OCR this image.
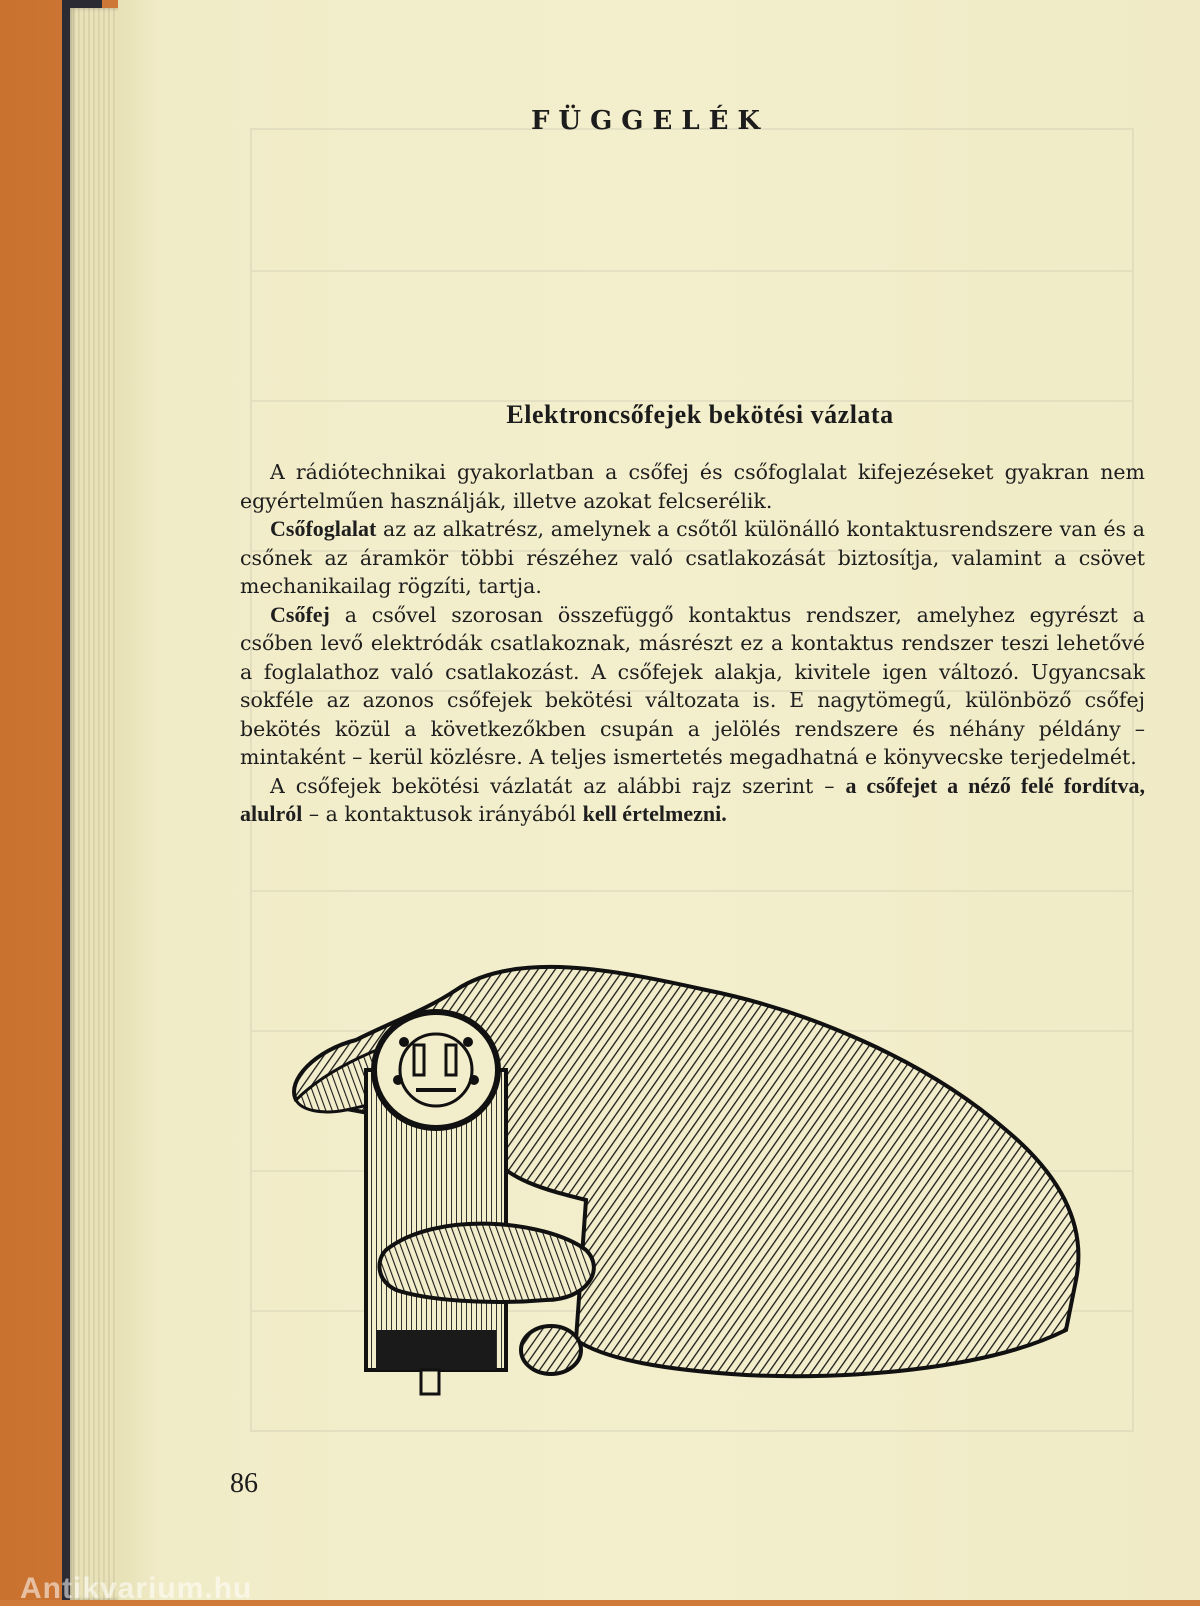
FÜGGELÉK
Elektroncsőfejek bekötési vázlata

A rádiótechnikai gyakorlatban a csőfej és csőfoglalat kifejezéseket gyakran nem egyértelműen használják, illetve azokat felcserélik.

Csőfoglalat az az alkatrész, amelynek a csőtől különálló kontaktusrendszere van és a csőnek az áramkör többi részéhez való csatlakozását biztosítja, valamint a csövet mechanikailag rögzíti, tartja.

Csőfej a csővel szorosan összefüggő kontaktus rendszer, amelyhez egyrészt a csőben levő elektródák csatlakoznak, másrészt ez a kontaktus rendszer teszi lehetővé a foglalathoz való csatlakozást. A csőfejek alakja, kivitele igen változó. Ugyancsak sokféle az azonos csőfejek bekötési változata is. E nagytömegű, különböző csőfej bekötés közül a következőkben csupán a jelölés rendszere és néhány példány – mintaként – kerül közlésre. A teljes ismertetés megadhatná e könyvecske terjedelmét.

A csőfejek bekötési vázlatát az alábbi rajz szerint – a csőfejet a néző felé fordítva, alulról – a kontaktusok irányából kell értelmezni.

86
Antikvarium.hu
